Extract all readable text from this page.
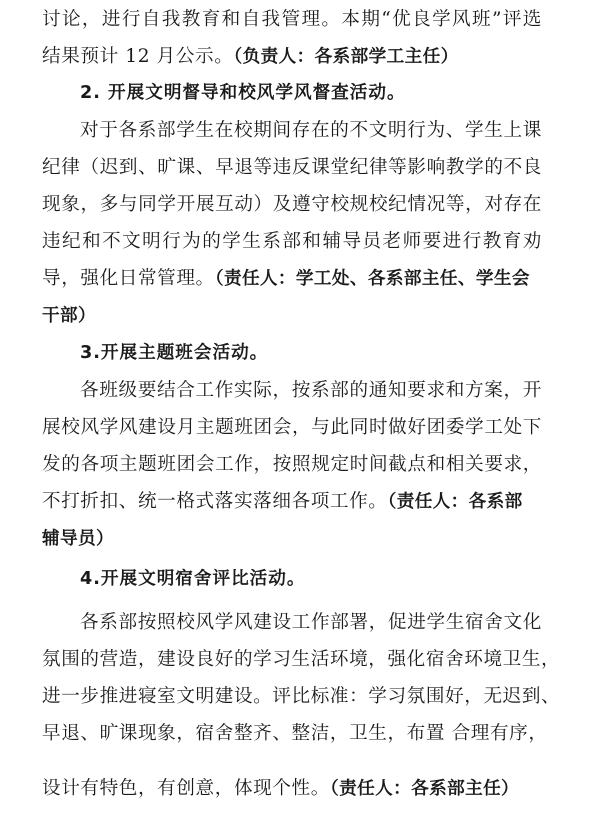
讨论，进行自我教育和自我管理。本期“优良学风班”评选
结果预计 12 月公示。（负责人：各系部学工主任）
2. 开展文明督导和校风学风督查活动。
对于各系部学生在校期间存在的不文明行为、学生上课
纪律（迟到、旷课、早退等违反课堂纪律等影响教学的不良
现象，多与同学开展互动）及遵守校规校纪情况等，对存在
违纪和不文明行为的学生系部和辅导员老师要进行教育劝
导，强化日常管理。（责任人：学工处、各系部主任、学生会
干部）
3.开展主题班会活动。
各班级要结合工作实际，按系部的通知要求和方案，开
展校风学风建设月主题班团会，与此同时做好团委学工处下
发的各项主题班团会工作，按照规定时间截点和相关要求，
不打折扣、统一格式落实落细各项工作。（责任人：各系部
辅导员）
4.开展文明宿舍评比活动。
各系部按照校风学风建设工作部署，促进学生宿舍文化
氛围的营造，建设良好的学习生活环境，强化宿舍环境卫生，
进一步推进寝室文明建设。评比标准：学习氛围好，无迟到、
早退、旷课现象，宿舍整齐、整洁，卫生，布置 合理有序，
设计有特色，有创意，体现个性。（责任人：各系部主任）
